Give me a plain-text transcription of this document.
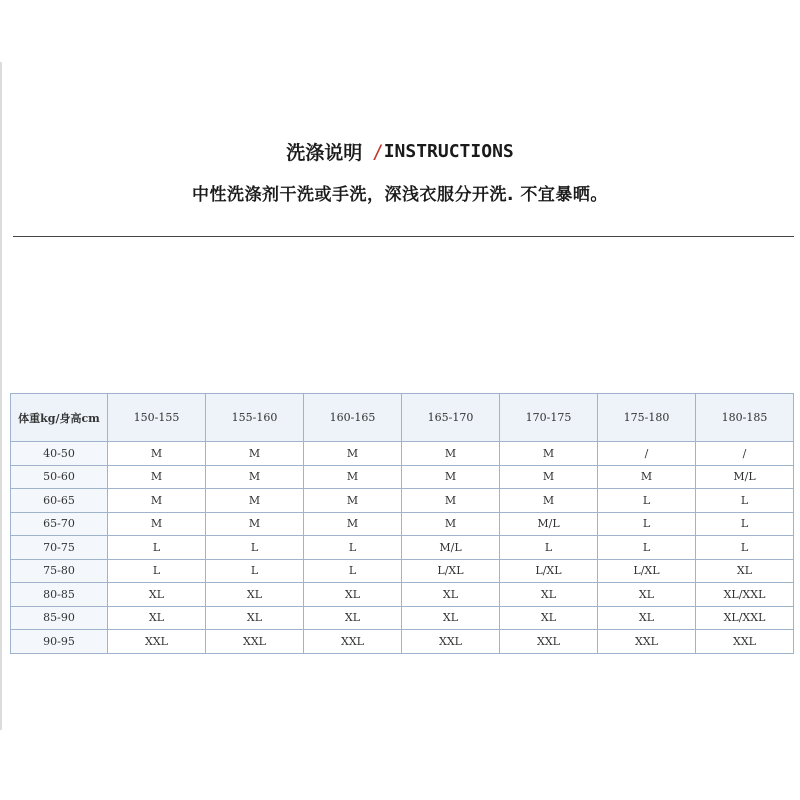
洗涤说明 /INSTRUCTIONS
中性洗涤剂干洗或手洗，深浅衣服分开洗. 不宜暴晒。
体重kg/身高cm	150-155	155-160	160-165	165-170	170-175	175-180	180-185
40-50	M	M	M	M	M	/	/
50-60	M	M	M	M	M	M	M/L
60-65	M	M	M	M	M	L	L
65-70	M	M	M	M	M/L	L	L
70-75	L	L	L	M/L	L	L	L
75-80	L	L	L	L/XL	L/XL	L/XL	XL
80-85	XL	XL	XL	XL	XL	XL	XL/XXL
85-90	XL	XL	XL	XL	XL	XL	XL/XXL
90-95	XXL	XXL	XXL	XXL	XXL	XXL	XXL
